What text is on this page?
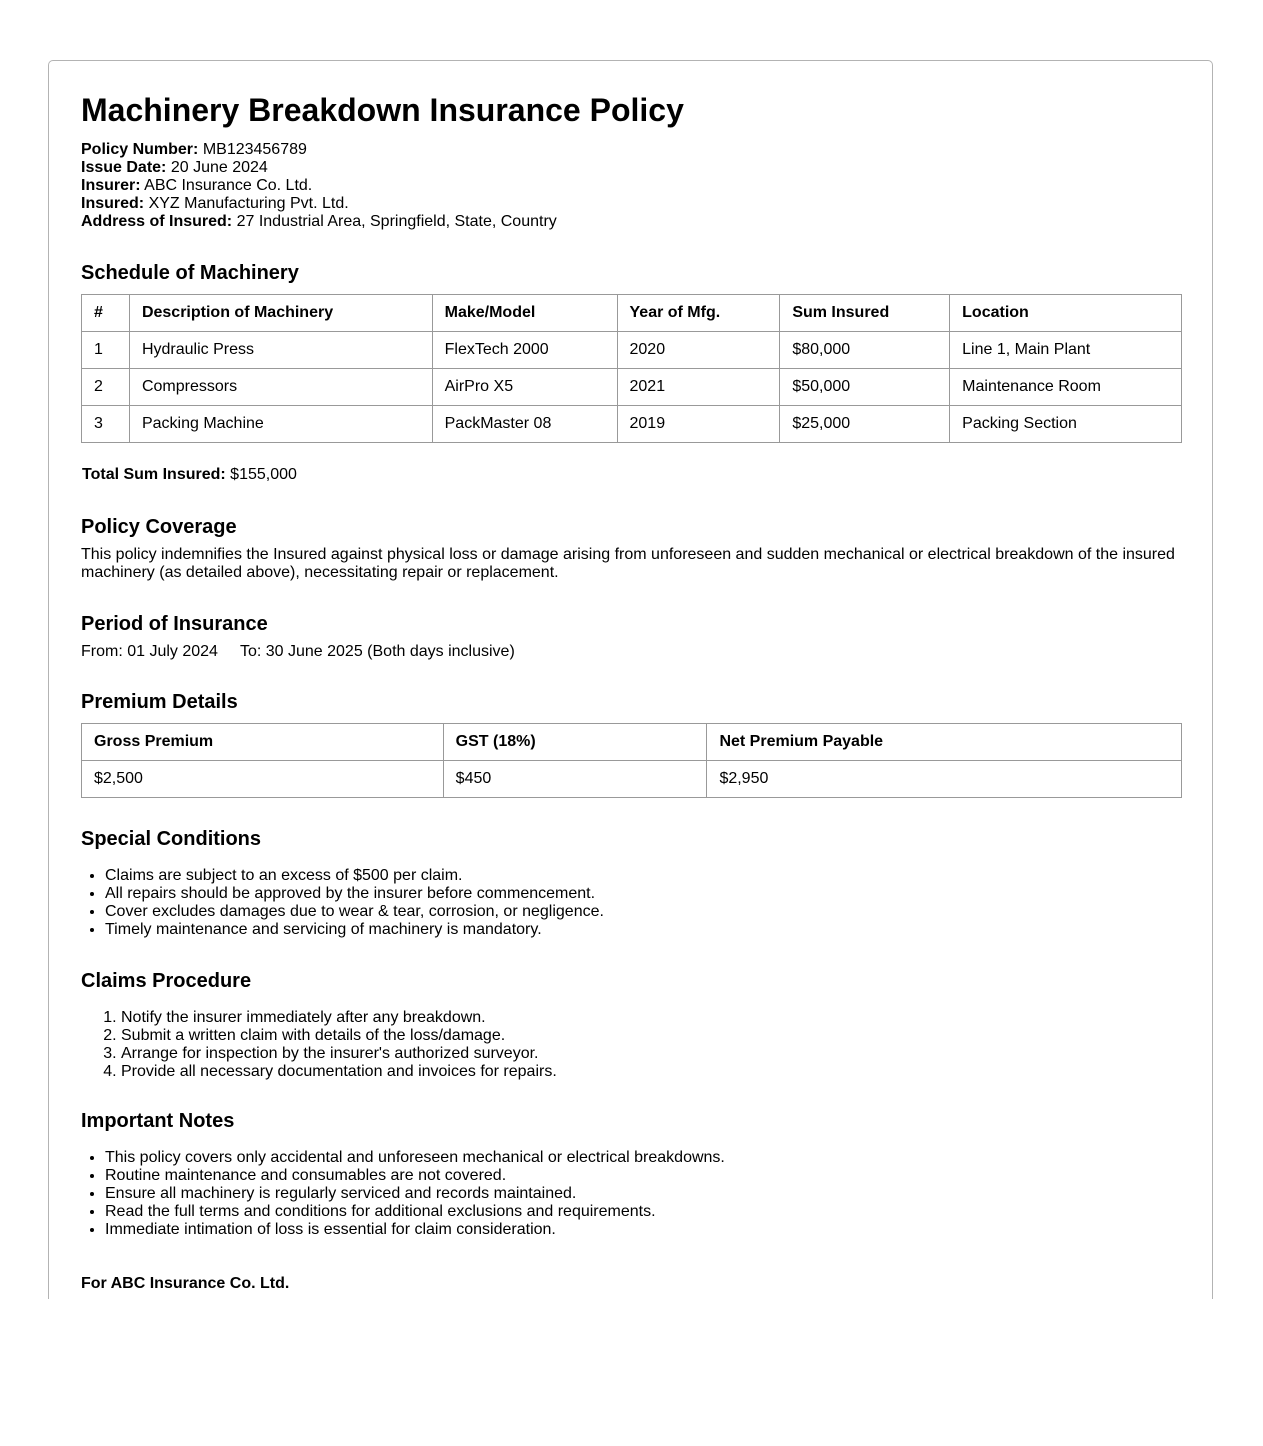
Machinery Breakdown Insurance Policy
Policy Number: MB123456789
Issue Date: 20 June 2024
Insurer: ABC Insurance Co. Ltd.
Insured: XYZ Manufacturing Pvt. Ltd.
Address of Insured: 27 Industrial Area, Springfield, State, Country
Schedule of Machinery
#	Description of Machinery	Make/Model	Year of Mfg.	Sum Insured	Location
1	Hydraulic Press	FlexTech 2000	2020	$80,000	Line 1, Main Plant
2	Compressors	AirPro X5	2021	$50,000	Maintenance Room
3	Packing Machine	PackMaster 08	2019	$25,000	Packing Section

Total Sum Insured: $155,000

Policy Coverage

This policy indemnifies the Insured against physical loss or damage arising from unforeseen and sudden mechanical or electrical breakdown of the insured machinery (as detailed above), necessitating repair or replacement.

Period of Insurance

From: 01 July 2024 To: 30 June 2025 (Both days inclusive)

Premium Details
Gross Premium	GST (18%)	Net Premium Payable
$2,500	$450	$2,950
Special Conditions
• Claims are subject to an excess of $500 per claim.
• All repairs should be approved by the insurer before commencement.
• Cover excludes damages due to wear & tear, corrosion, or negligence.
• Timely maintenance and servicing of machinery is mandatory.
Claims Procedure
1. Notify the insurer immediately after any breakdown.
2. Submit a written claim with details of the loss/damage.
3. Arrange for inspection by the insurer's authorized surveyor.
4. Provide all necessary documentation and invoices for repairs.
Important Notes
• This policy covers only accidental and unforeseen mechanical or electrical breakdowns.
• Routine maintenance and consumables are not covered.
• Ensure all machinery is regularly serviced and records maintained.
• Read the full terms and conditions for additional exclusions and requirements.
• Immediate intimation of loss is essential for claim consideration.

For ABC Insurance Co. Ltd.
